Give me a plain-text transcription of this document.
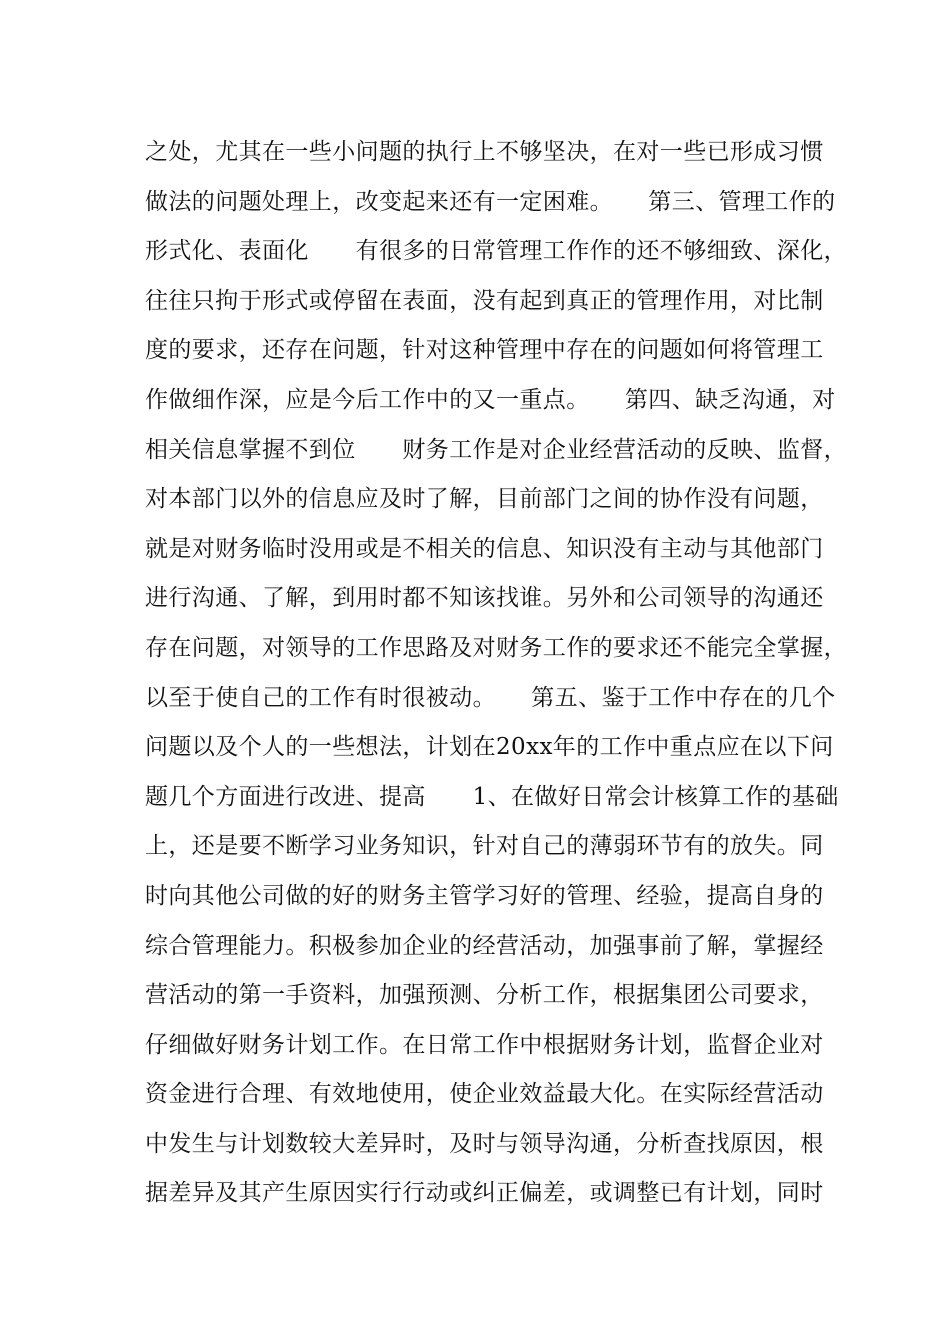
之处，尤其在一些小问题的执行上不够坚决，在对一些已形成习惯
做法的问题处理上，改变起来还有一定困难。　　第三、管理工作的
形式化、表面化　　有很多的日常管理工作作的还不够细致、深化，
往往只拘于形式或停留在表面，没有起到真正的管理作用，对比制
度的要求，还存在问题，针对这种管理中存在的问题如何将管理工
作做细作深，应是今后工作中的又一重点。　　第四、缺乏沟通，对
相关信息掌握不到位　　财务工作是对企业经营活动的反映、监督，
对本部门以外的信息应及时了解，目前部门之间的协作没有问题，
就是对财务临时没用或是不相关的信息、知识没有主动与其他部门
进行沟通、了解，到用时都不知该找谁。另外和公司领导的沟通还
存在问题，对领导的工作思路及对财务工作的要求还不能完全掌握，
以至于使自己的工作有时很被动。　　第五、鉴于工作中存在的几个
问题以及个人的一些想法，计划在20xx年的工作中重点应在以下问
题几个方面进行改进、提高　　1、在做好日常会计核算工作的基础
上，还是要不断学习业务知识，针对自己的薄弱环节有的放失。同
时向其他公司做的好的财务主管学习好的管理、经验，提高自身的
综合管理能力。积极参加企业的经营活动，加强事前了解，掌握经
营活动的第一手资料，加强预测、分析工作，根据集团公司要求，
仔细做好财务计划工作。在日常工作中根据财务计划，监督企业对
资金进行合理、有效地使用，使企业效益最大化。在实际经营活动
中发生与计划数较大差异时，及时与领导沟通，分析查找原因，根
据差异及其产生原因实行行动或纠正偏差，或调整已有计划，同时
